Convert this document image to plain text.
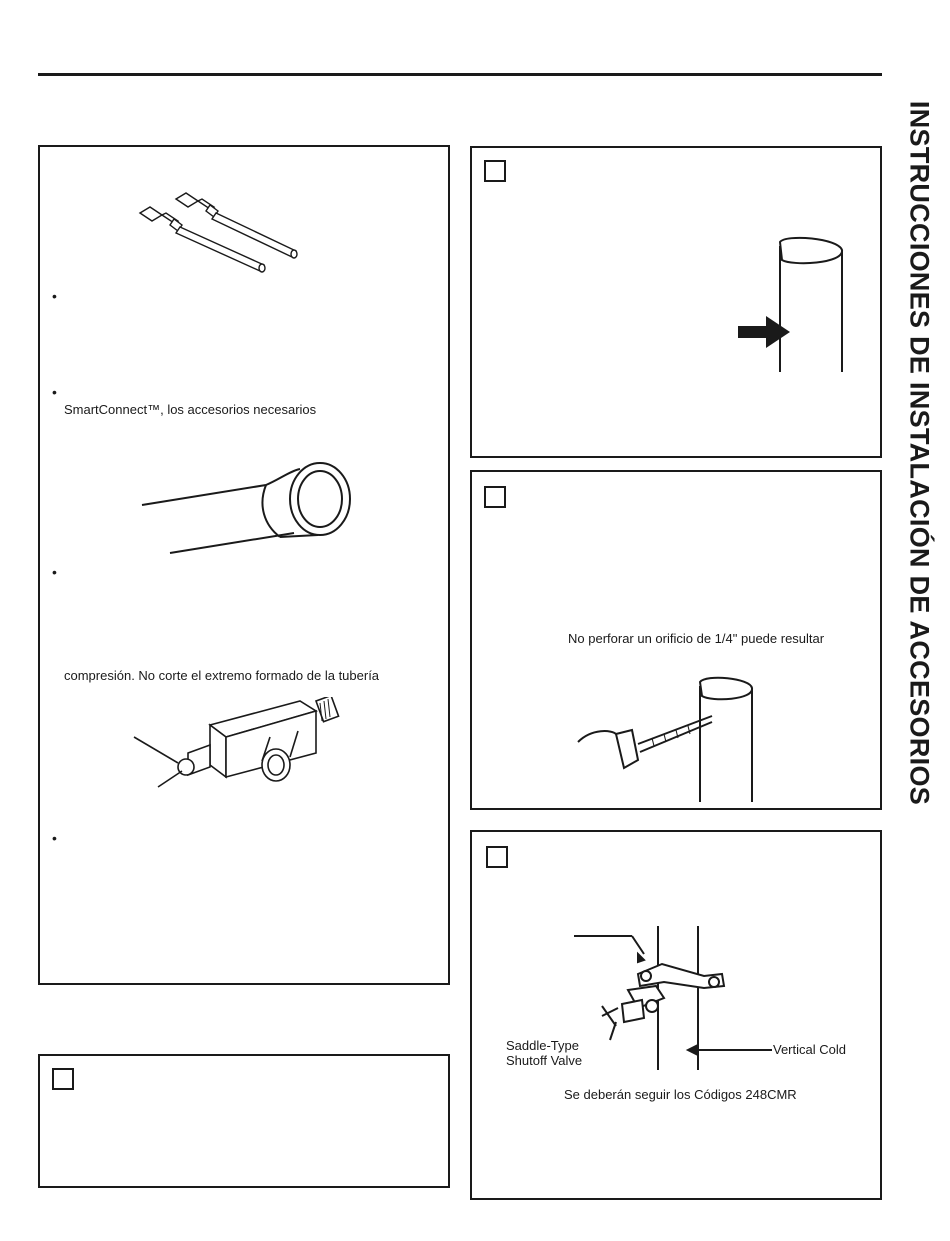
INSTRUCCIONES DE INSTALACIÓN DE ACCESORIOS
•
•
SmartConnect™, los accesorios necesarios
•
compresión. No corte el extremo formado de la tubería
•
No perforar un orificio de 1/4" puede resultar
Saddle-Type
Shutoff Valve
Vertical Cold
Se deberán seguir los Códigos 248CMR
